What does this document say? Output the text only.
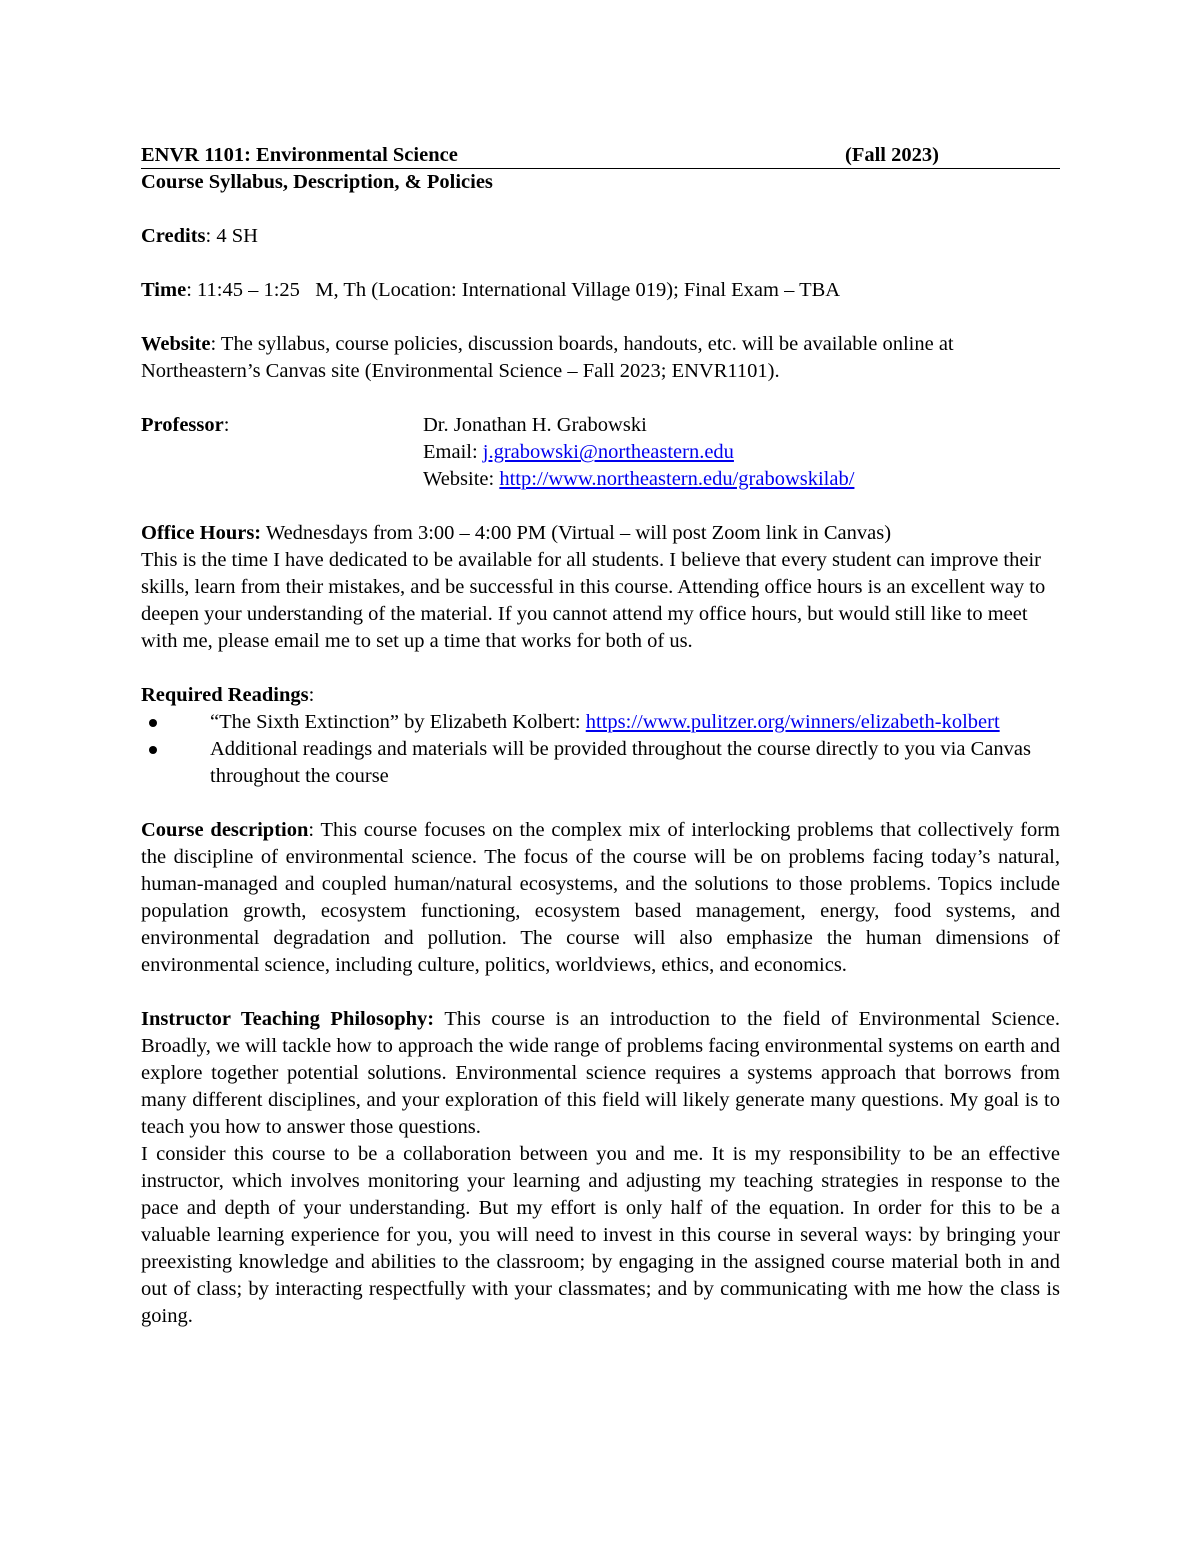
ENVR 1101: Environmental Science	(Fall 2023)

Course Syllabus, Description, & Policies

Credits: 4 SH

Time: 11:45 – 1:25   M, Th (Location: International Village 019); Final Exam – TBA

Website: The syllabus, course policies, discussion boards, handouts, etc. will be available online at Northeastern’s Canvas site (Environmental Science – Fall 2023; ENVR1101).

Professor:	Dr. Jonathan H. Grabowski

Email: j.grabowski@northeastern.edu

Website: http://www.northeastern.edu/grabowskilab/

Office Hours: Wednesdays from 3:00 – 4:00 PM (Virtual – will post Zoom link in Canvas)

This is the time I have dedicated to be available for all students. I believe that every student can improve their skills, learn from their mistakes, and be successful in this course. Attending office hours is an excellent way to deepen your understanding of the material. If you cannot attend my office hours, but would still like to meet with me, please email me to set up a time that works for both of us.

Required Readings:

“The Sixth Extinction” by Elizabeth Kolbert: https://www.pulitzer.org/winners/elizabeth-kolbert
Additional readings and materials will be provided throughout the course directly to you via Canvas throughout the course

Course description: This course focuses on the complex mix of interlocking problems that collectively form the discipline of environmental science. The focus of the course will be on problems facing today’s natural, human-managed and coupled human/natural ecosystems, and the solutions to those problems. Topics include population growth, ecosystem functioning, ecosystem based management, energy, food systems, and environmental degradation and pollution. The course will also emphasize the human dimensions of environmental science, including culture, politics, worldviews, ethics, and economics.

Instructor Teaching Philosophy: This course is an introduction to the field of Environmental Science. Broadly, we will tackle how to approach the wide range of problems facing environmental systems on earth and explore together potential solutions. Environmental science requires a systems approach that borrows from many different disciplines, and your exploration of this field will likely generate many questions. My goal is to teach you how to answer those questions.

I consider this course to be a collaboration between you and me. It is my responsibility to be an effective instructor, which involves monitoring your learning and adjusting my teaching strategies in response to the pace and depth of your understanding. But my effort is only half of the equation. In order for this to be a valuable learning experience for you, you will need to invest in this course in several ways: by bringing your preexisting knowledge and abilities to the classroom; by engaging in the assigned course material both in and out of class; by interacting respectfully with your classmates; and by communicating with me how the class is going.
